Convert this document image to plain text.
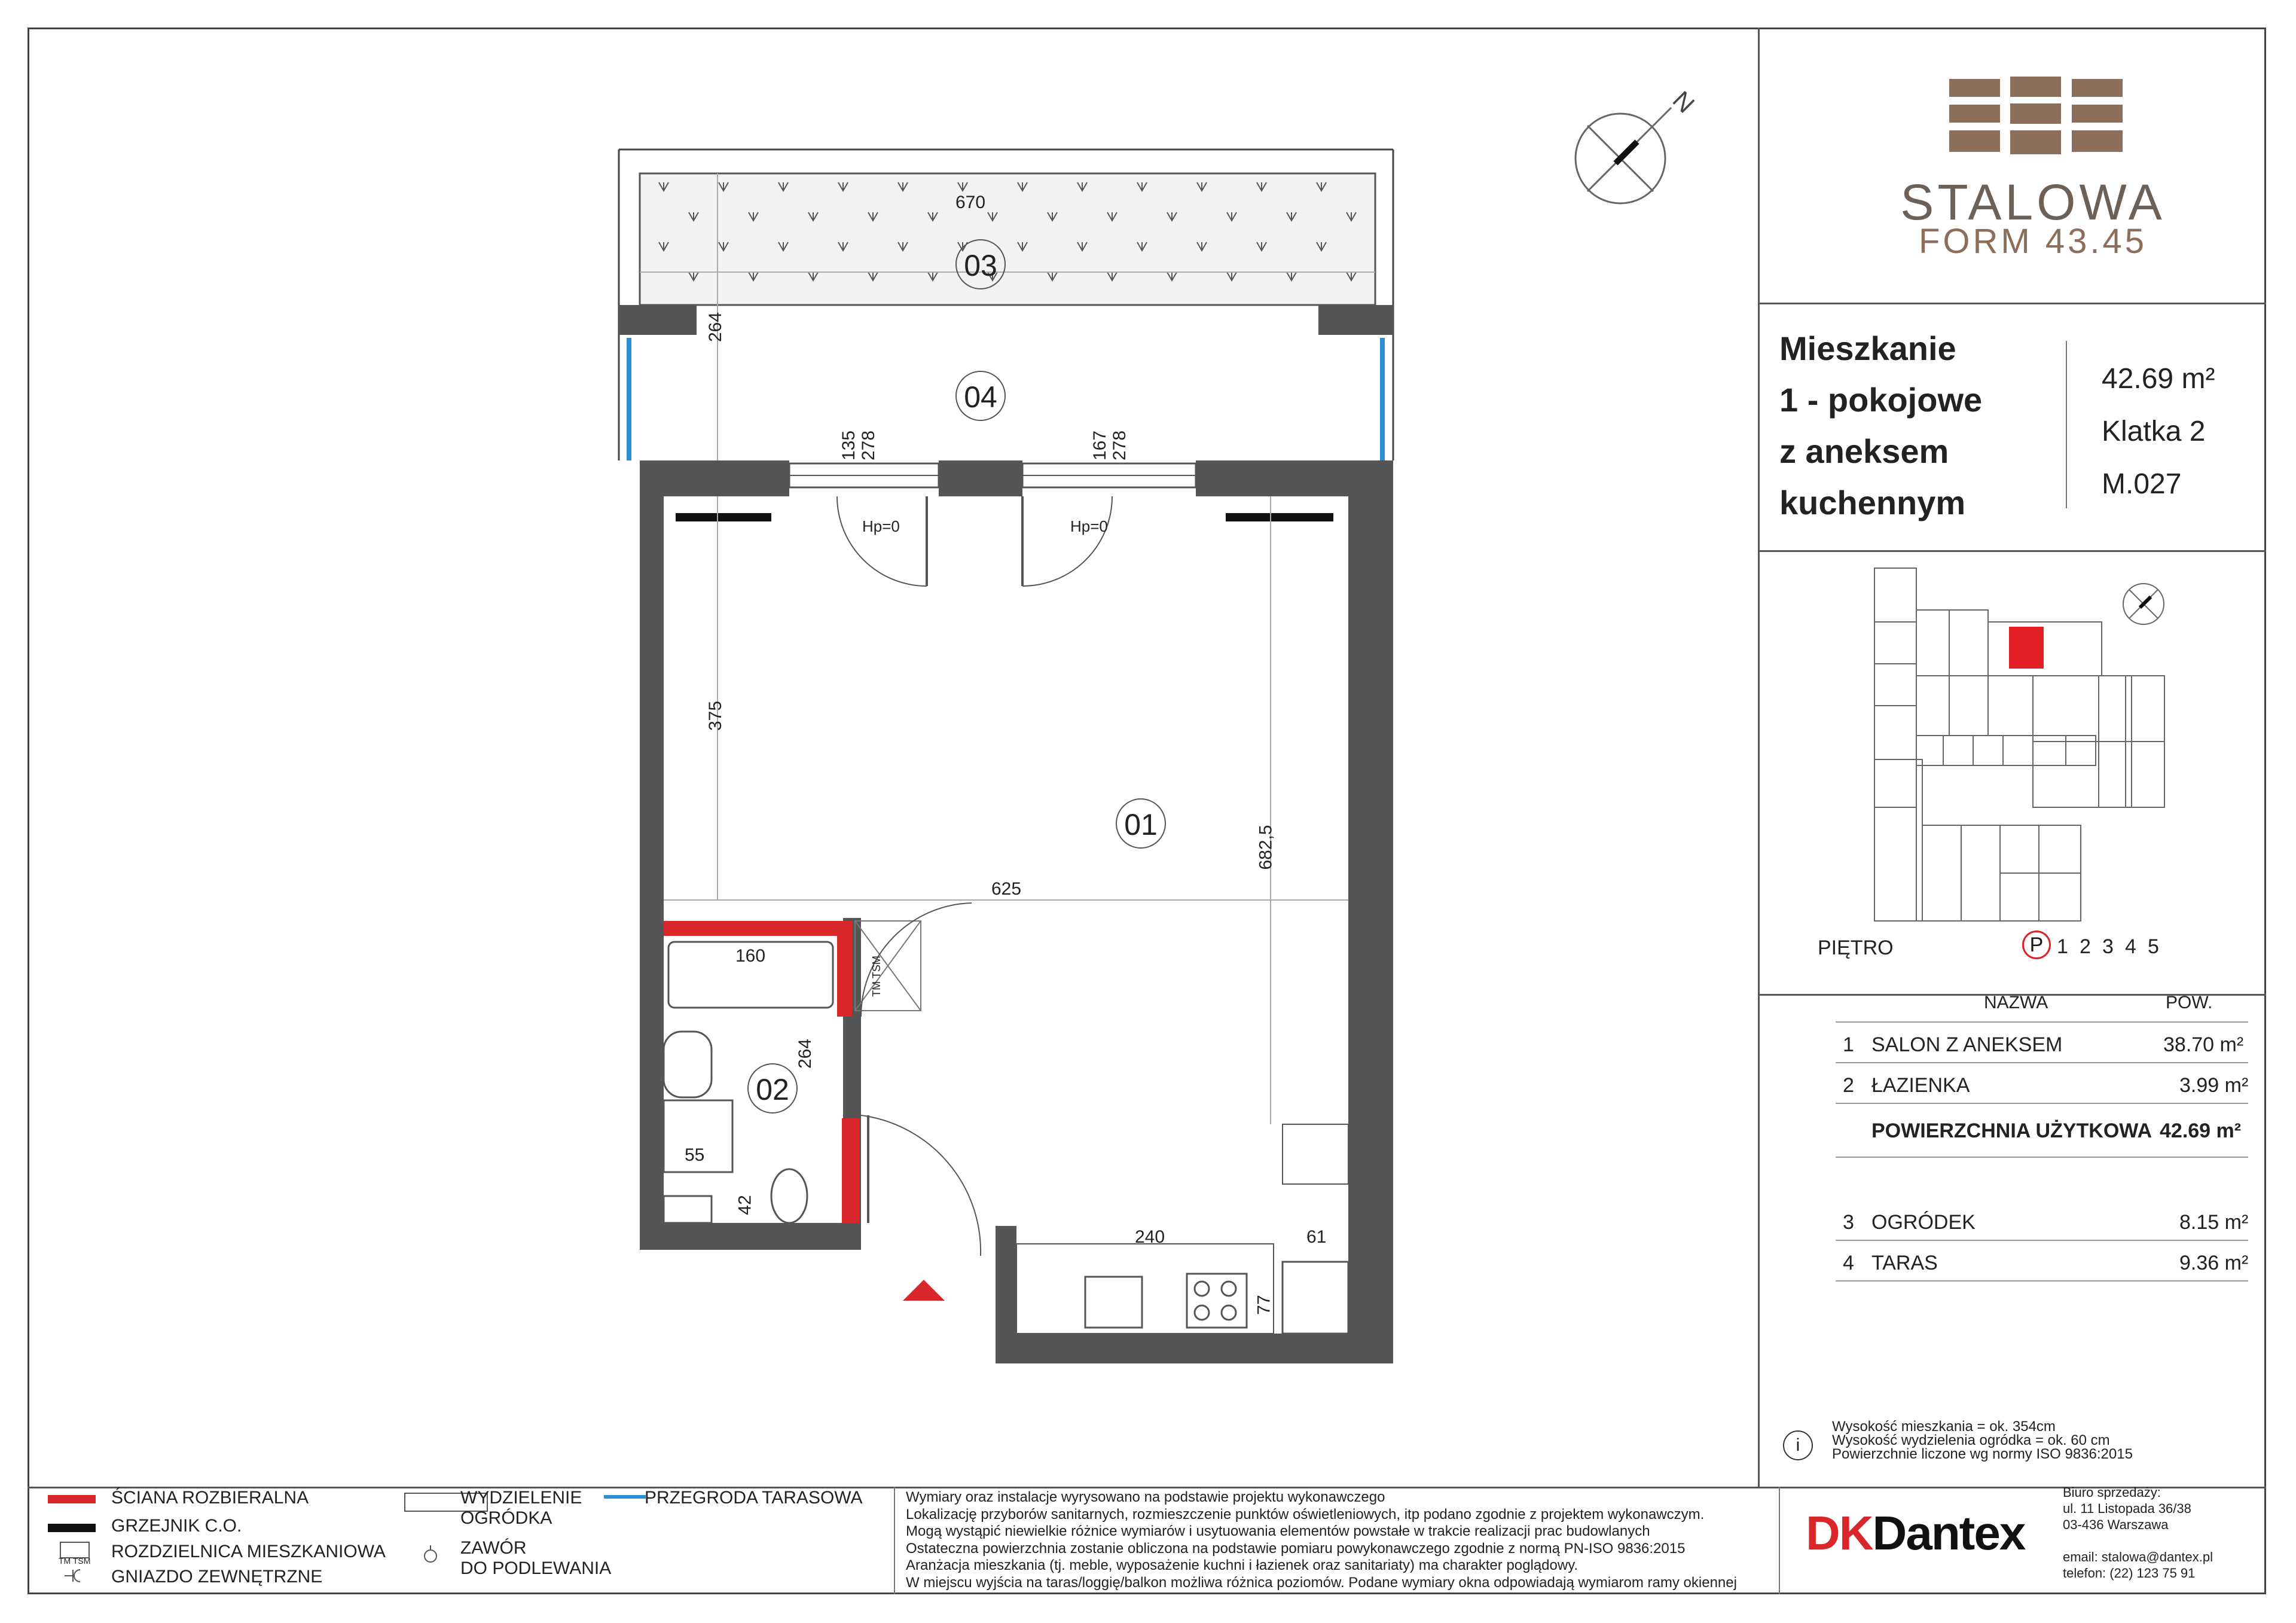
STALOWA
FORM 43.45
Mieszkanie
1 - pokojowe
z aneksem
kuchennym
42.69 m²
Klatka 2
M.027
PIĘTRO	P 1 2 3 4 5
NAZWA	POW.
1 SALON Z ANEKSEM	38.70 m²
2 ŁAZIENKA	3.99 m²
POWIERZCHNIA UŻYTKOWA 42.69 m²
3 OGRÓDEK	8.15 m²
4 TARAS	9.36 m²
i
Wysokość mieszkania = ok. 354cm
Wysokość wydzielenia ogródka = ok. 60 cm
Powierzchnie liczone wg normy ISO 9836:2015
N
03
04
01
02
670
264
135 278	167 278
375
682,5
625
160
264
55
42
240	61
77
Hp=0	Hp=0
TM TSM
ŚCIANA ROZBIERALNA
GRZEJNIK C.O.
TM TSM ROZDZIELNICA MIESZKANIOWA
GNIAZDO ZEWNĘTRZNE
WYDZIELENIE
OGRÓDKA
ZAWÓR
DO PODLEWANIA
PRZEGRODA TARASOWA	Wymiary oraz instalacje wyrysowano na podstawie projektu wykonawczego
Lokalizację przyborów sanitarnych, rozmieszczenie punktów oświetleniowych, itp podano zgodnie z projektem wykonawczym.
Mogą wystąpić niewielkie różnice wymiarów i usytuowania elementów powstałe w trakcie realizacji prac budowlanych
Ostateczna powierzchnia zostanie obliczona na podstawie pomiaru powykonawczego zgodnie z normą PN-ISO 9836:2015
Aranżacja mieszkania (tj. meble, wyposażenie kuchni i łazienek oraz sanitariaty) ma charakter poglądowy.
W miejscu wyjścia na taras/loggię/balkon możliwa różnica poziomów. Podane wymiary okna odpowiadają wymiarom ramy okiennej
DKDantex
Biuro sprzedaży:
ul. 11 Listopada 36/38
03-436 Warszawa
email: stalowa@dantex.pl
telefon: (22) 123 75 91
